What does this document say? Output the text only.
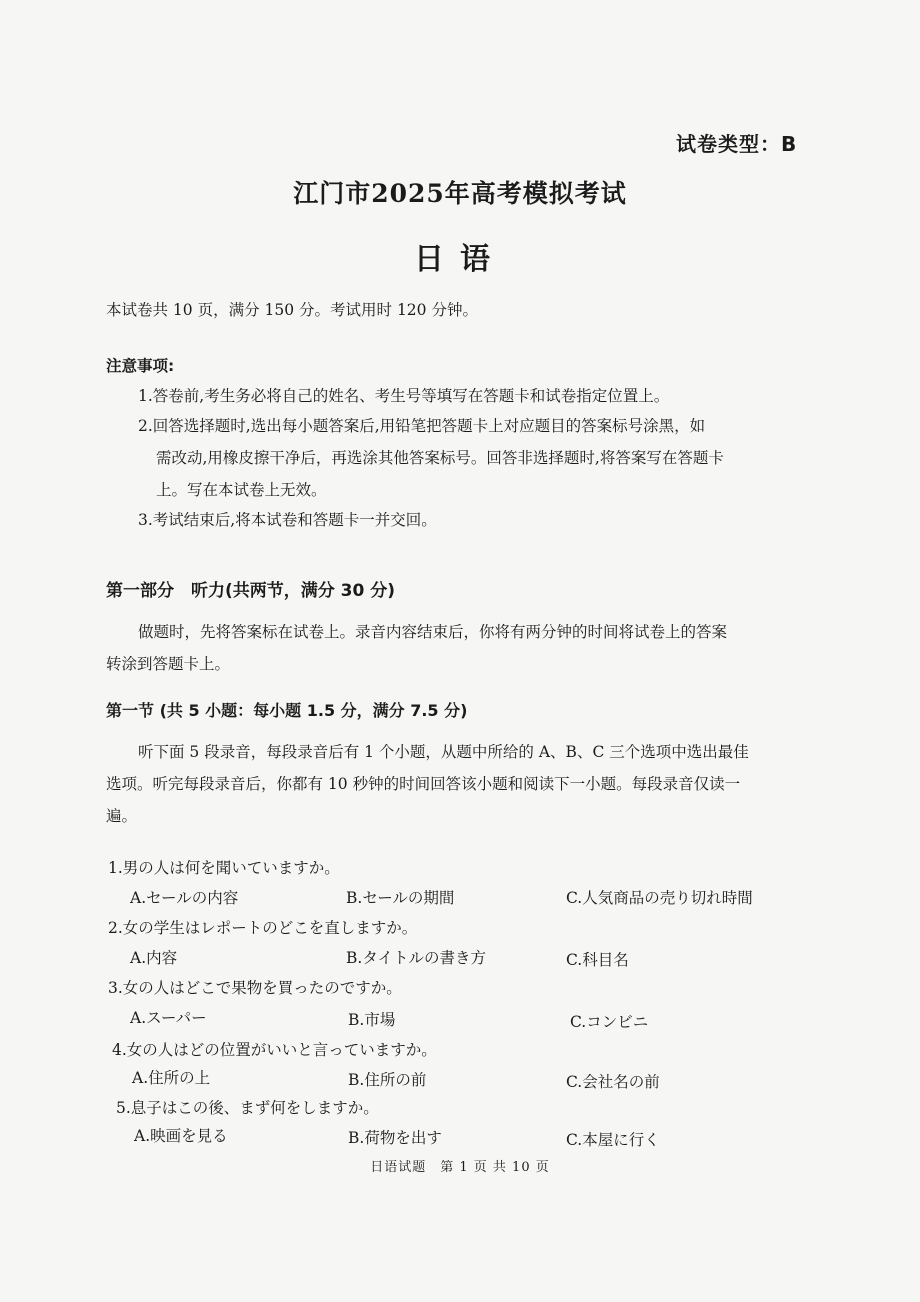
试卷类型：B
江门市2025年高考模拟考试
日语
本试卷共 10 页，满分 150 分。考试用时 120 分钟。
注意事项:
1.答卷前,考生务必将自己的姓名、考生号等填写在答题卡和试卷指定位置上。
2.回答选择题时,选出每小题答案后,用铅笔把答题卡上对应题目的答案标号涂黑，如
需改动,用橡皮擦干净后，再选涂其他答案标号。回答非选择题时,将答案写在答题卡
上。写在本试卷上无效。
3.考试结束后,将本试卷和答题卡一并交回。
第一部分　听力(共两节，满分 30 分)
做题时，先将答案标在试卷上。录音内容结束后，你将有两分钟的时间将试卷上的答案
转涂到答题卡上。
第一节 (共 5 小题：每小题 1.5 分，满分 7.5 分)
听下面 5 段录音，每段录音后有 1 个小题，从题中所给的 A、B、C 三个选项中选出最佳
选项。听完每段录音后，你都有 10 秒钟的时间回答该小题和阅读下一小题。每段录音仅读一
遍。
1.男の人は何を聞いていますか。
A.セールの内容	B.セールの期間	C.人気商品の売り切れ時間
2.女の学生はレポートのどこを直しますか。
A.内容	B.タイトルの書き方	C.科目名
3.女の人はどこで果物を買ったのですか。
A.スーパー	B.市場	C.コンビニ
4.女の人はどの位置がいいと言っていますか。
A.住所の上	B.住所の前	C.会社名の前
5.息子はこの後、まず何をしますか。
A.映画を見る	B.荷物を出す	C.本屋に行く
日语试题　第 1 页 共 10 页
